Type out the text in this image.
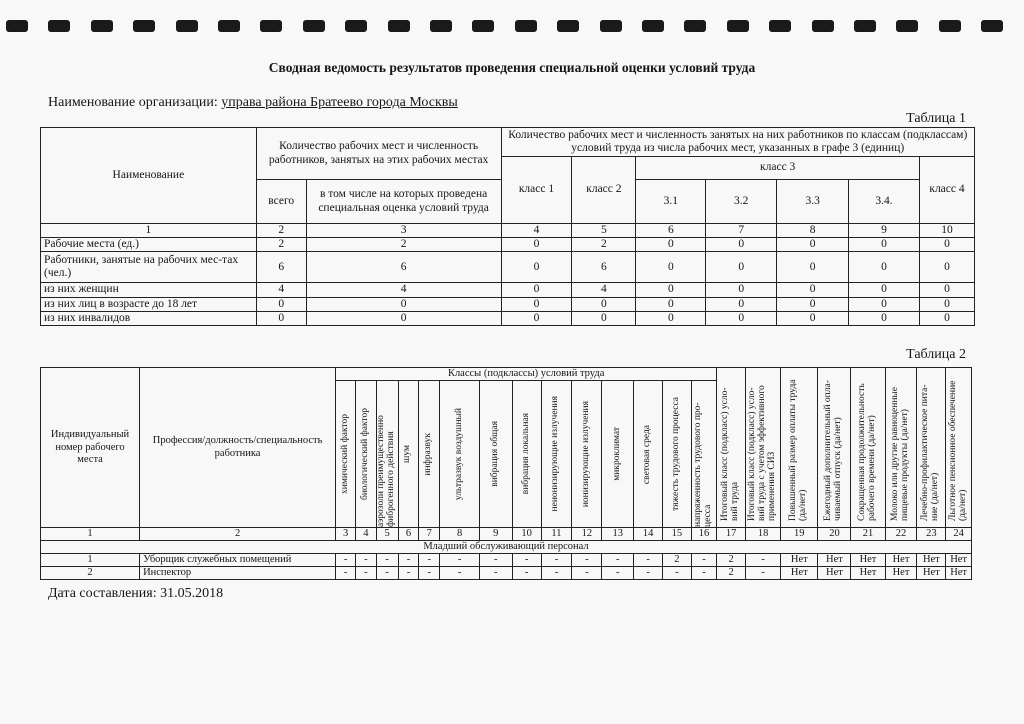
Сводная ведомость результатов проведения специальной оценки условий труда
Наименование организации: управа района Братеево города Москвы
Таблица 1
Наименование	Количество рабочих мест и численность работников, занятых на этих рабочих местах		Количество рабочих мест и численность занятых на них работников по классам (подклассам) условий труда из числа рабочих мест, указанных в графе 3 (единиц)						
			класс 1	класс 2	класс 3				класс 4
	всего	в том числе на которых проведена специальная оценка условий труда			3.1	3.2	3.3	3.4.	
1	2	3	4	5	6	7	8	9	10
Рабочие места (ед.)	2	2	0	2	0	0	0	0	0
Работники, занятые на рабочих мес-тах (чел.)	6	6	0	6	0	0	0	0	0
из них женщин	4	4	0	4	0	0	0	0	0
из них лиц в возрасте до 18 лет	0	0	0	0	0	0	0	0	0
из них инвалидов	0	0	0	0	0	0	0	0	0
Таблица 2
Индивидуальный номер рабочего места	Профессия/должность/специальность работника	Классы (подклассы) условий труда														Итоговый класс (подкласс) усло-вий труда	Итоговый класс (подкласс) усло-вий труда с учетом эффективного применения СИЗ	Повышенный размер оплаты труда (да/нет)	Ежегодный дополнительный опла-чиваемый отпуск (да/нет)	Сокращенная продолжительность рабочего времени (да/нет)	Молоко или другие равноценные пищевые продукты (да/нет)	Лечебно-профилактическое пита-ние (да/нет)	Льготное пенсионное обеспечение (да/нет)

		химический фактор	биологический фактор	аэрозоли преимущественно фиброгенного действия	шум	инфразвук	ультразвук воздушный	вибрация общая	вибрация локальная	неионизирующие излучения	ионизирующие излучения	микроклимат	световая среда	тяжесть трудового процесса	напряженность трудового про-цесса								

1	2	3	4	5	6	7	8	9	10	11	12	13	14	15	16	17	18	19	20	21	22	23	24
Младший обслуживающий персонал																							
1	Уборщик служебных помещений	-	-	-	-	-	-	-	-	-	-	-	-	2	-	2	-	Нет	Нет	Нет	Нет	Нет	Нет
2	Инспектор	-	-	-	-	-	-	-	-	-	-	-	-	-	-	2	-	Нет	Нет	Нет	Нет	Нет	Нет
Дата составления: 31.05.2018
